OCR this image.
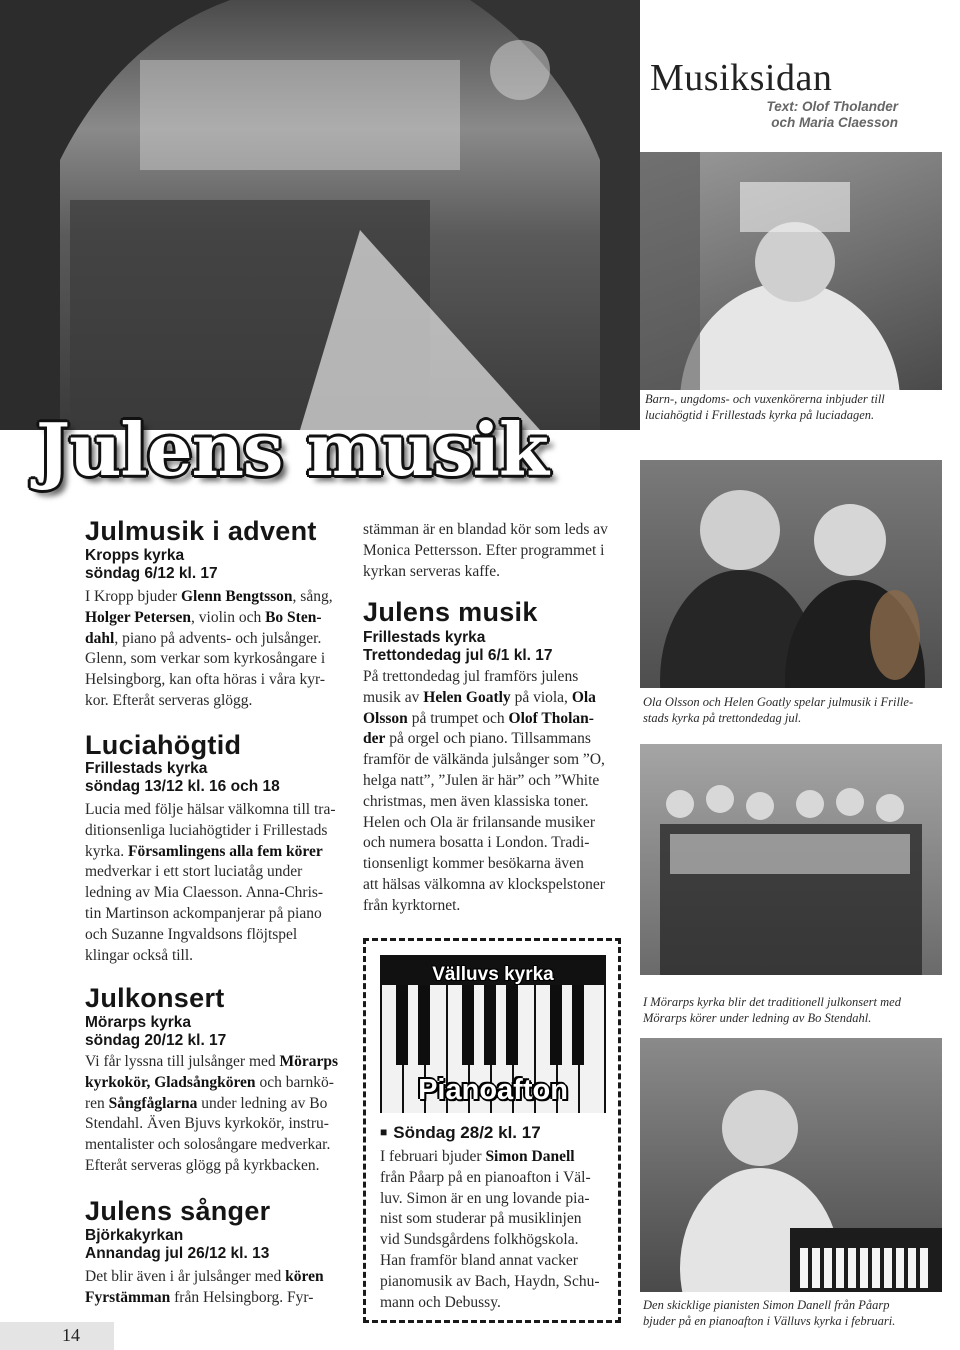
Musiksidan
Text: Olof Tholander
och Maria Claesson
Barn-, ungdoms- och vuxenkörerna inbjuder till
luciahögtid i Frillestads kyrka på luciadagen.
Julens musik
Julmusik i advent
Kropps kyrka
söndag 6/12 kl. 17
I Kropp bjuder Glenn Bengtsson, sång,
Holger Petersen, violin och Bo Sten-
dahl, piano på advents- och julsånger.
Glenn, som verkar som kyrkosångare i
Helsingborg, kan ofta höras i våra kyr-
kor. Efteråt serveras glögg.
Luciahögtid
Frillestads kyrka
söndag 13/12 kl. 16 och 18
Lucia med följe hälsar välkomna till tra-
ditionsenliga luciahögtider i Frillestads
kyrka. Församlingens alla fem körer
medverkar i ett stort luciatåg under
ledning av Mia Claesson. Anna-Chris-
tin Martinson ackompanjerar på piano
och Suzanne Ingvaldsons flöjtspel
klingar också till.
Julkonsert
Mörarps kyrka
söndag 20/12 kl. 17
Vi får lyssna till julsånger med Mörarps
kyrkokör, Gladsångkören och barnkö-
ren Sångfåglarna under ledning av Bo
Stendahl. Även Bjuvs kyrkokör, instru-
mentalister och solosångare medverkar.
Efteråt serveras glögg på kyrkbacken.
Julens sånger
Björkakyrkan
Annandag jul 26/12 kl. 13
Det blir även i år julsånger med kören
Fyrstämman från Helsingborg. Fyr-
stämman är en blandad kör som leds av
Monica Pettersson. Efter programmet i
kyrkan serveras kaffe.
Julens musik
Frillestads kyrka
Trettondedag jul 6/1 kl. 17
På trettondedag jul framförs julens
musik av Helen Goatly på viola, Ola
Olsson på trumpet och Olof Tholan-
der på orgel och piano. Tillsammans
framför de välkända julsånger som ”O,
helga natt”, ”Julen är här” och ”White
christmas, men även klassiska toner.
Helen och Ola är frilansande musiker
och numera bosatta i London. Tradi-
tionsenligt kommer besökarna även
att hälsas välkomna av klockspelstoner
från kyrktornet.
Välluvs kyrka
Pianoafton
■ Söndag 28/2 kl. 17
I februari bjuder Simon Danell
från Påarp på en pianoafton i Väl-
luv. Simon är en ung lovande pia-
nist som studerar på musiklinjen
vid Sundsgårdens folkhögskola.
Han framför bland annat vacker
pianomusik av Bach, Haydn, Schu-
mann och Debussy.
Ola Olsson och Helen Goatly spelar julmusik i Frille-
stads kyrka på trettondedag jul.
I Mörarps kyrka blir det traditionell julkonsert med
Mörarps körer under ledning av Bo Stendahl.
Den skicklige pianisten Simon Danell från Påarp
bjuder på en pianoafton i Välluvs kyrka i februari.
14
